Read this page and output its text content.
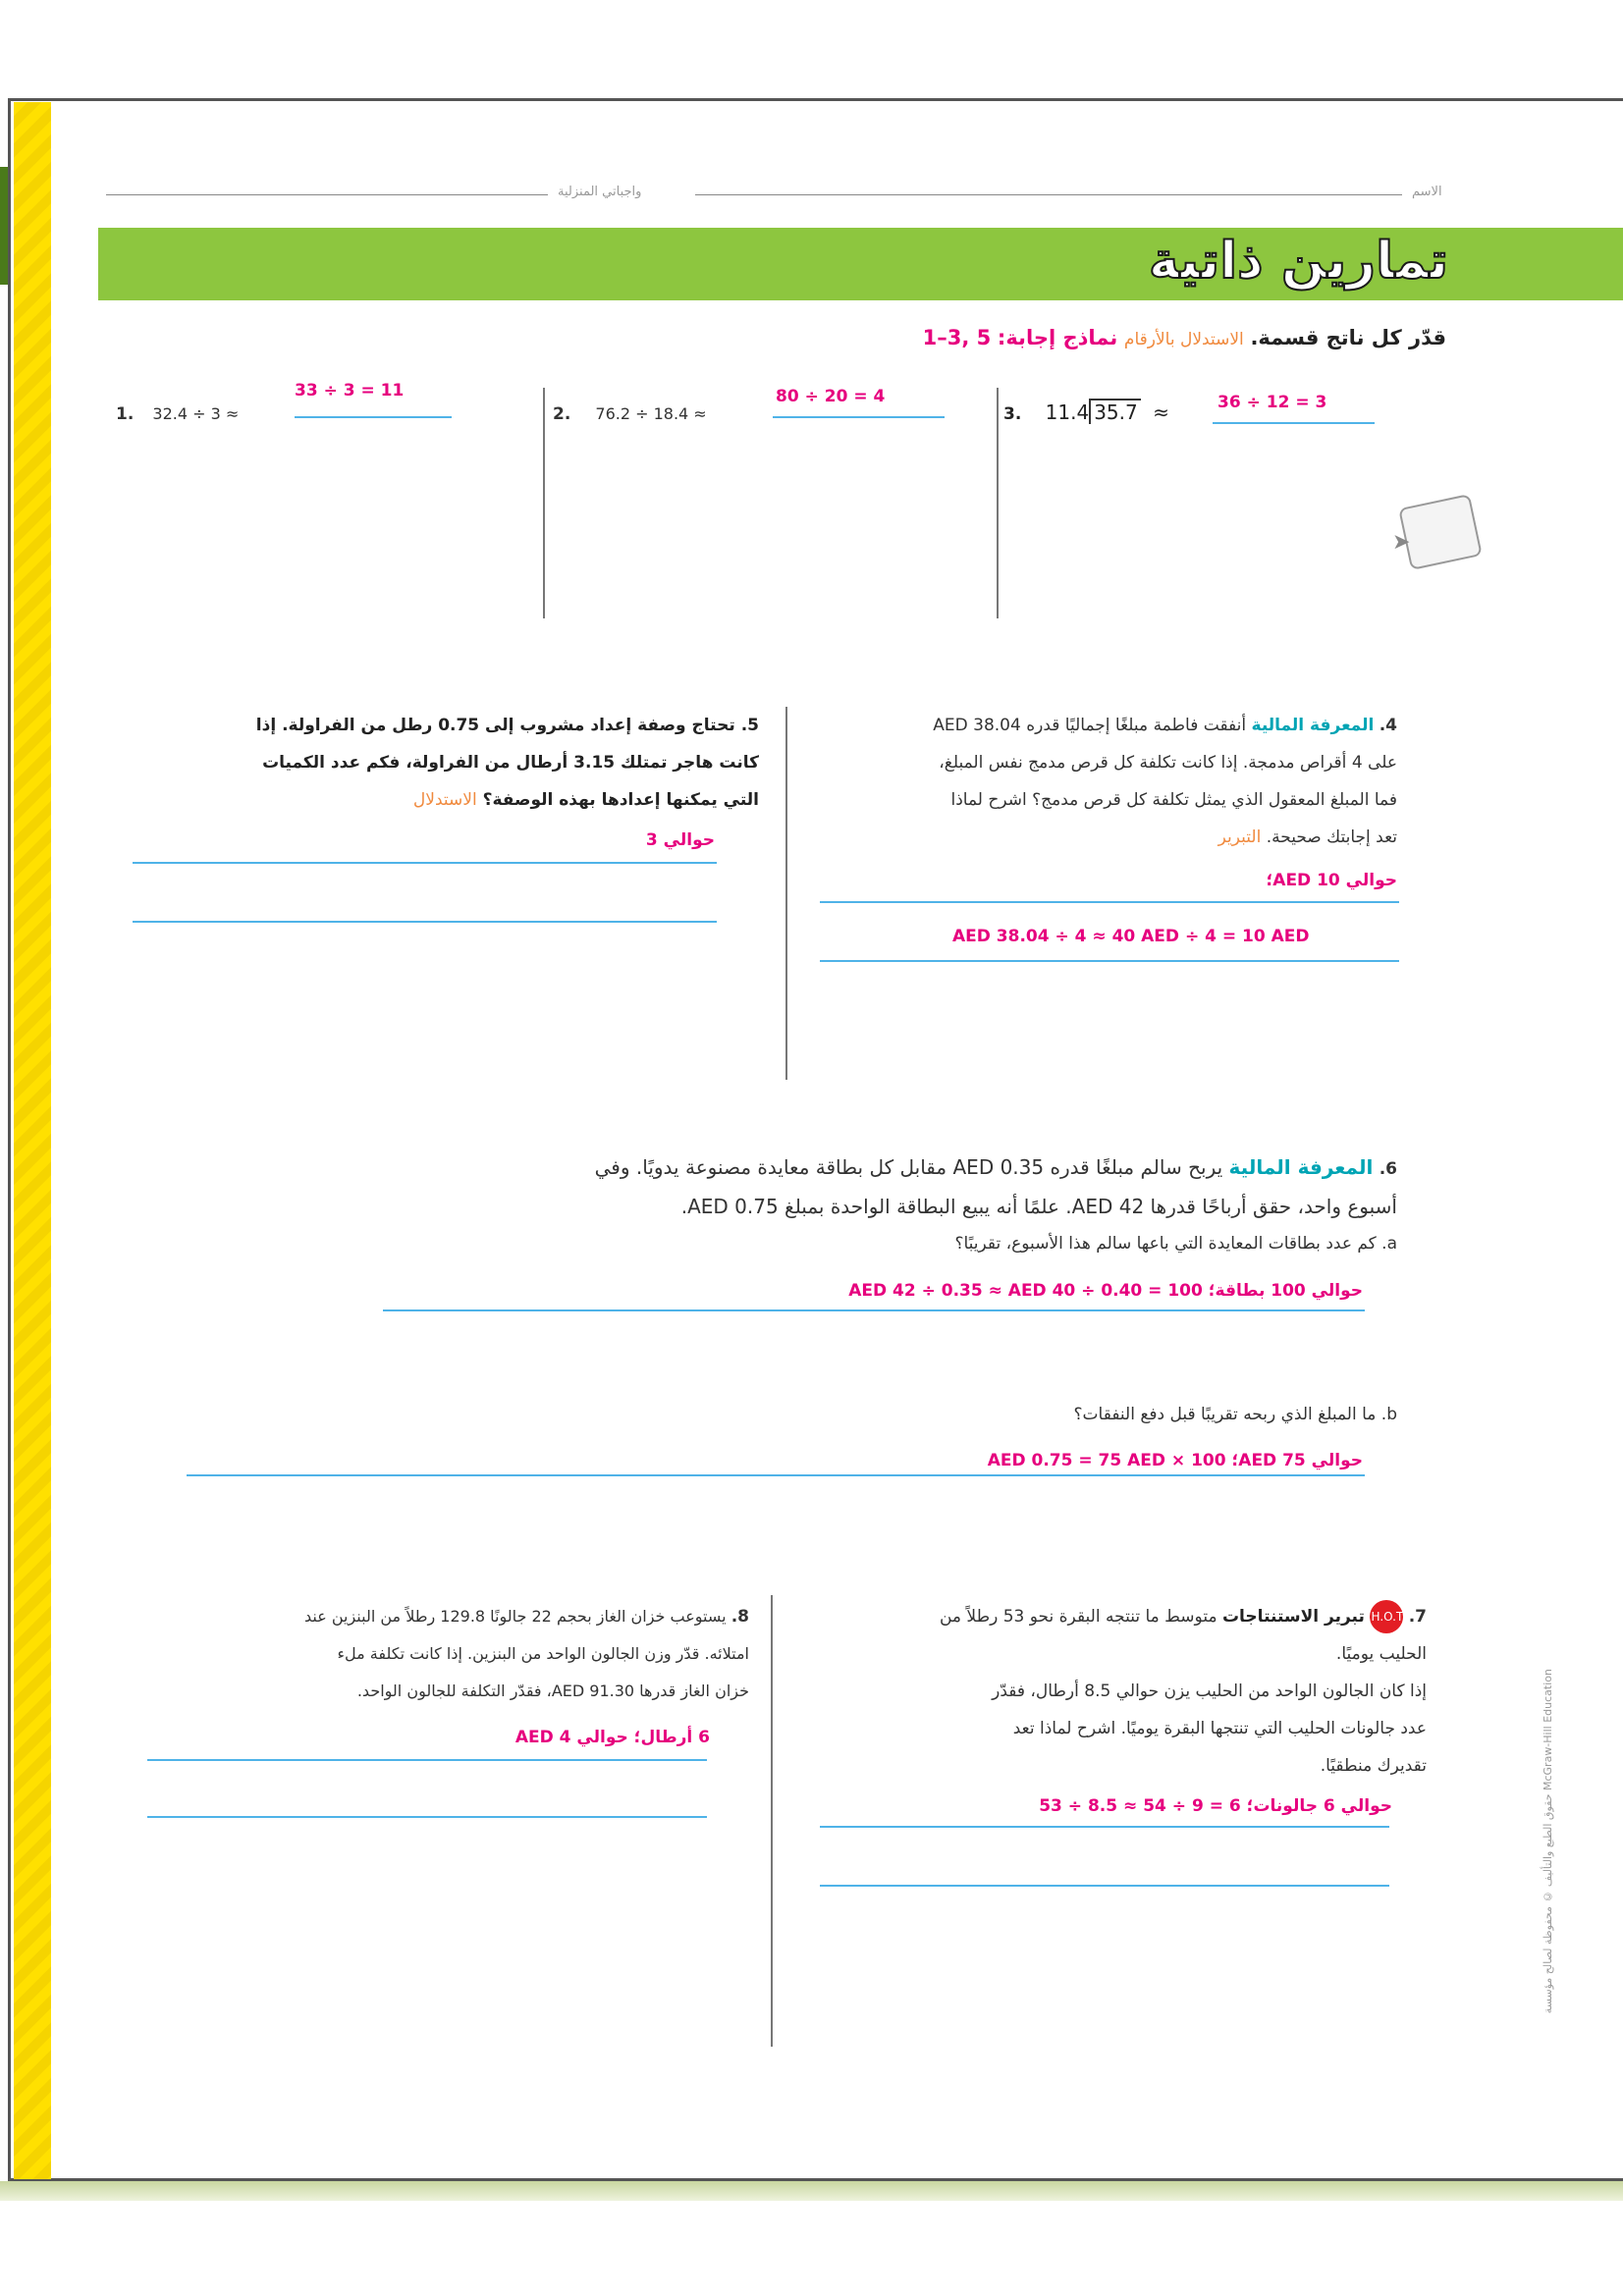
واجباتي المنزلية	الاسم
تمارين ذاتية
قدّر كل ناتج قسمة. الاستدلال بالأرقام نماذج إجابة: 1–3, 5
1. 32.4 ÷ 3 ≈
33 ÷ 3 = 11
2. 76.2 ÷ 18.4 ≈
80 ÷ 20 = 4
3. 11.4 35.7 ≈	36 ÷ 12 = 3
➤
4. المعرفة المالية أنفقت فاطمة مبلغًا إجماليًا قدره AED 38.04
على 4 أقراص مدمجة. إذا كانت تكلفة كل قرص مدمج نفس المبلغ،
فما المبلغ المعقول الذي يمثل تكلفة كل قرص مدمج؟ اشرح لماذا
تعد إجابتك صحيحة. التبرير
حوالي AED 10؛
AED 38.04 ÷ 4 ≈ 40 AED ÷ 4 = 10 AED
5. تحتاج وصفة إعداد مشروب إلى 0.75 رطل من الفراولة. إذا
كانت هاجر تمتلك 3.15 أرطال من الفراولة، فكم عدد الكميات
التي يمكنها إعدادها بهذه الوصفة؟ الاستدلال
حوالي 3
6. المعرفة المالية يربح سالم مبلغًا قدره AED 0.35 مقابل كل بطاقة معايدة مصنوعة يدويًا. وفي
أسبوع واحد، حقق أرباحًا قدرها AED 42. علمًا أنه يبيع البطاقة الواحدة بمبلغ AED 0.75.
a. كم عدد بطاقات المعايدة التي باعها سالم هذا الأسبوع، تقريبًا؟
حوالي 100 بطاقة؛ AED 42 ÷ 0.35 ≈ AED 40 ÷ 0.40 = 100
b. ما المبلغ الذي ربحه تقريبًا قبل دفع النفقات؟
حوالي AED 75؛ AED 0.75 = 75 AED × 100
7. H.O.T. تبرير الاستنتاجات متوسط ما تنتجه البقرة نحو 53 رطلاً من
الحليب يوميًا.
إذا كان الجالون الواحد من الحليب يزن حوالي 8.5 أرطال، فقدّر
عدد جالونات الحليب التي تنتجها البقرة يوميًا. اشرح لماذا تعد
تقديرك منطقيًا.
حوالي 6 جالونات؛ 6 = 9 ÷ 54 ≈ 8.5 ÷ 53
8. يستوعب خزان الغاز بحجم 22 جالونًا 129.8 رطلاً من البنزين عند
امتلائه. قدّر وزن الجالون الواحد من البنزين. إذا كانت تكلفة ملء
خزان الغاز قدرها AED 91.30، فقدّر التكلفة للجالون الواحد.
6 أرطال؛ حوالي AED 4
حقوق الطبع والتأليف © محفوظة لصالح مؤسسة McGraw-Hill Education
